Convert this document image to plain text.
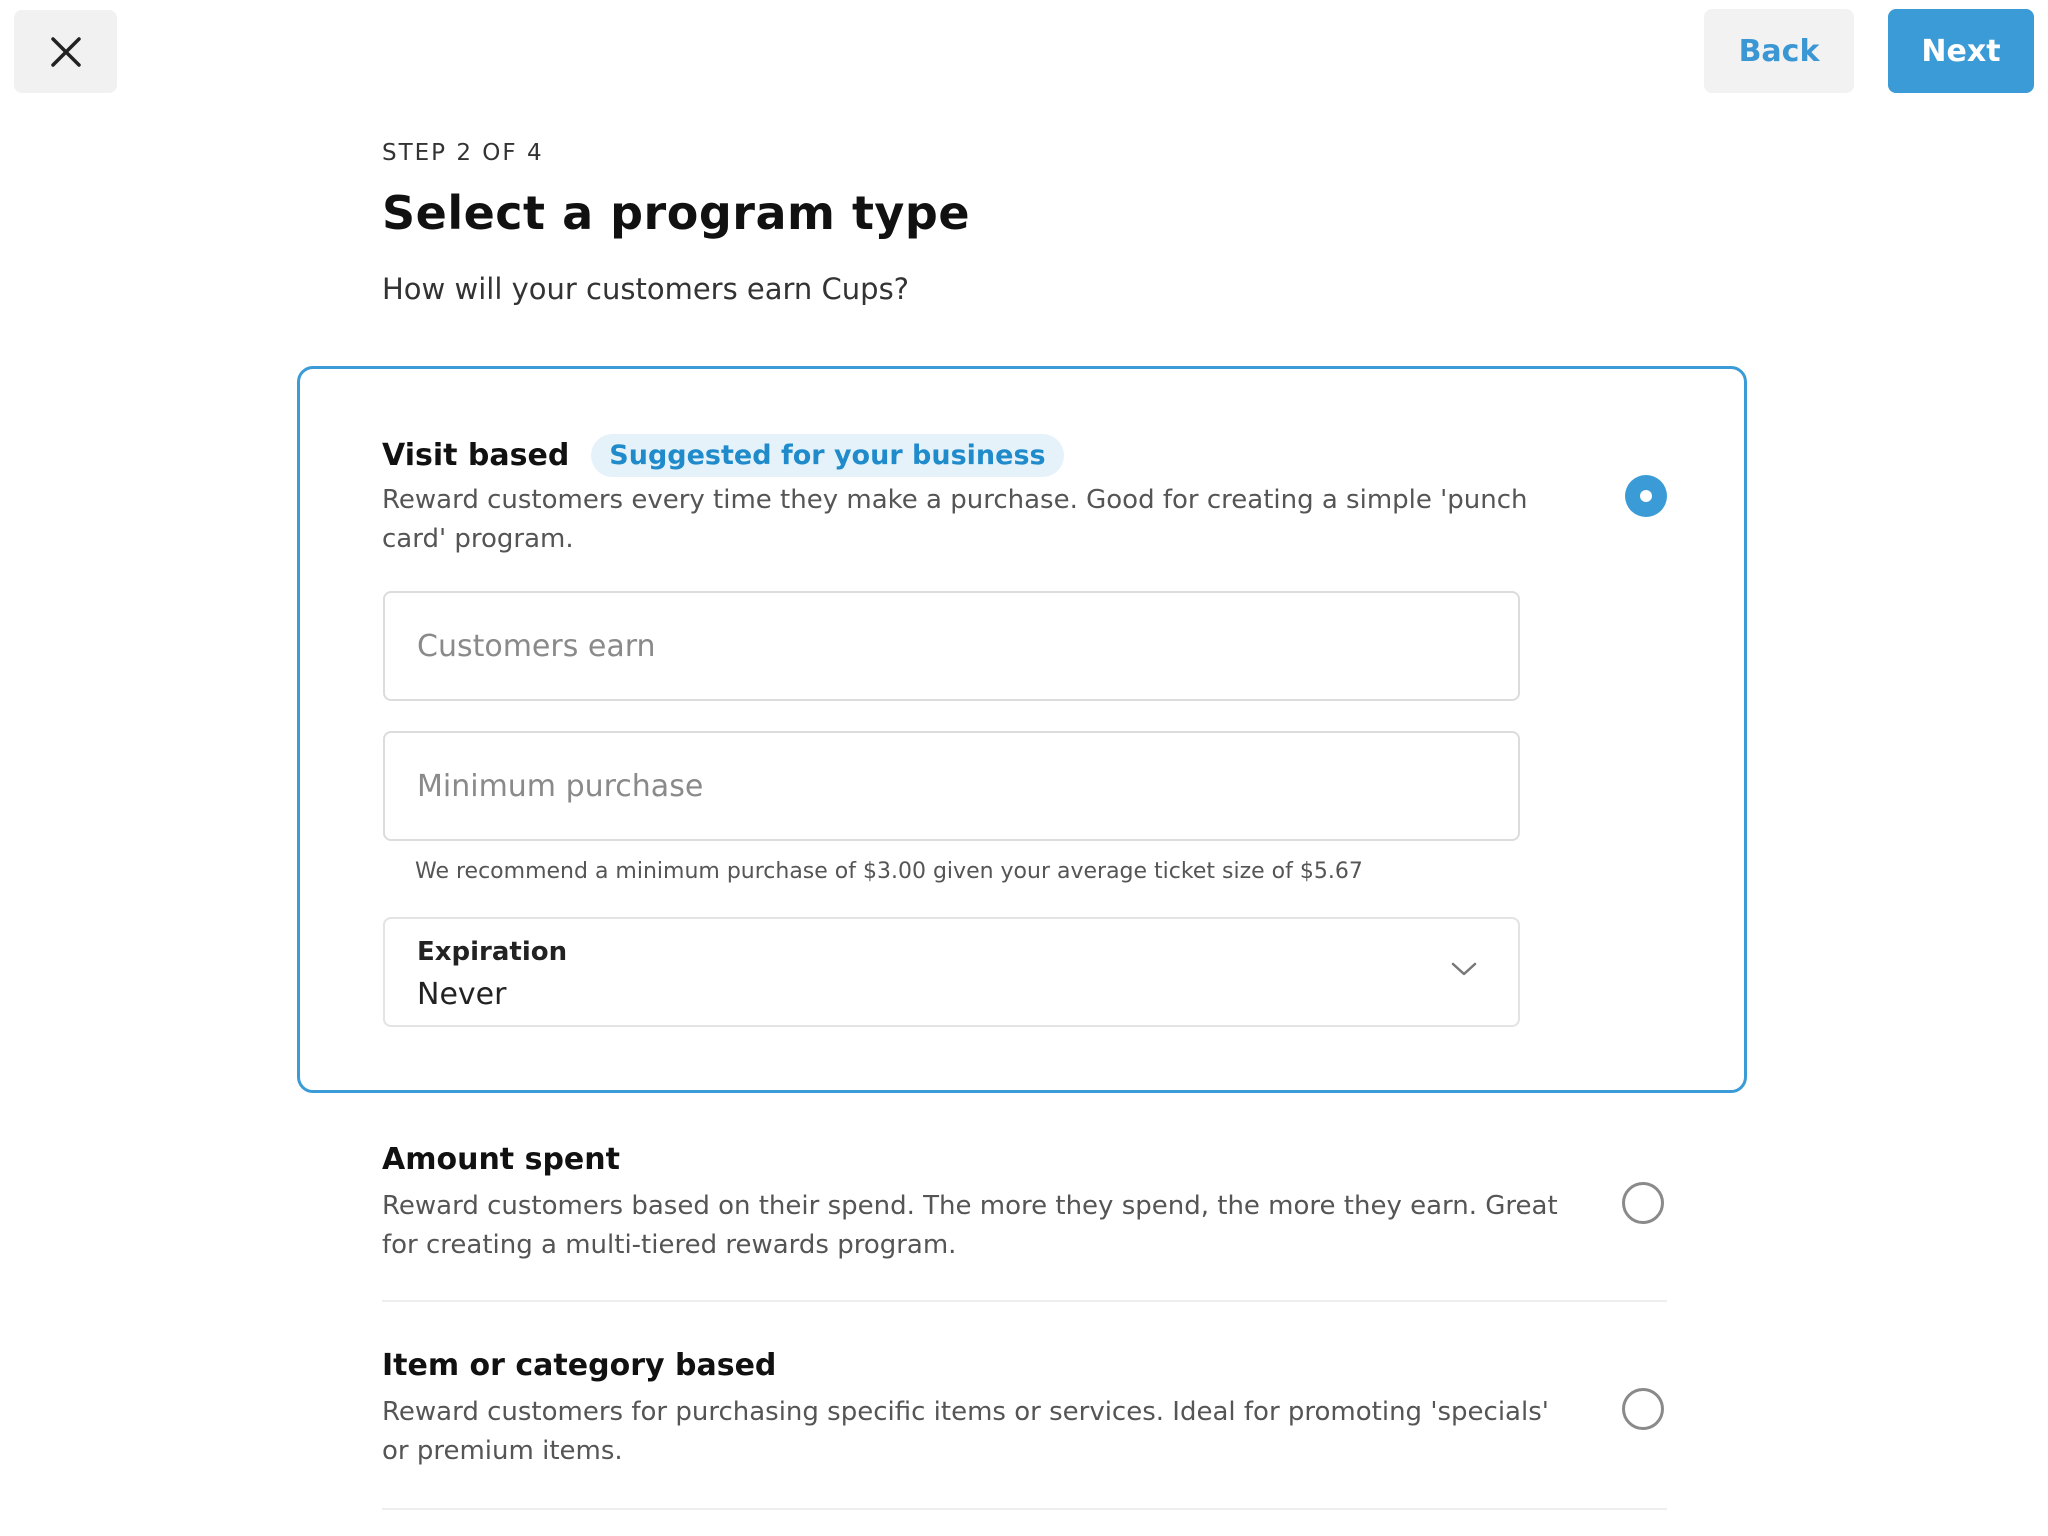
Back	Next

STEP 2 OF 4

Select a program type

How will your customers earn Cups?

Visit based	Suggested for your business

Reward customers every time they make a purchase. Good for creating a simple 'punch card' program.

Customers earn
Minimum purchase

We recommend a minimum purchase of $3.00 given your average ticket size of $5.67

Expiration
Never

Amount spent

Reward customers based on their spend. The more they spend, the more they earn. Great for creating a multi-tiered rewards program.

Item or category based

Reward customers for purchasing specific items or services. Ideal for promoting 'specials' or premium items.
